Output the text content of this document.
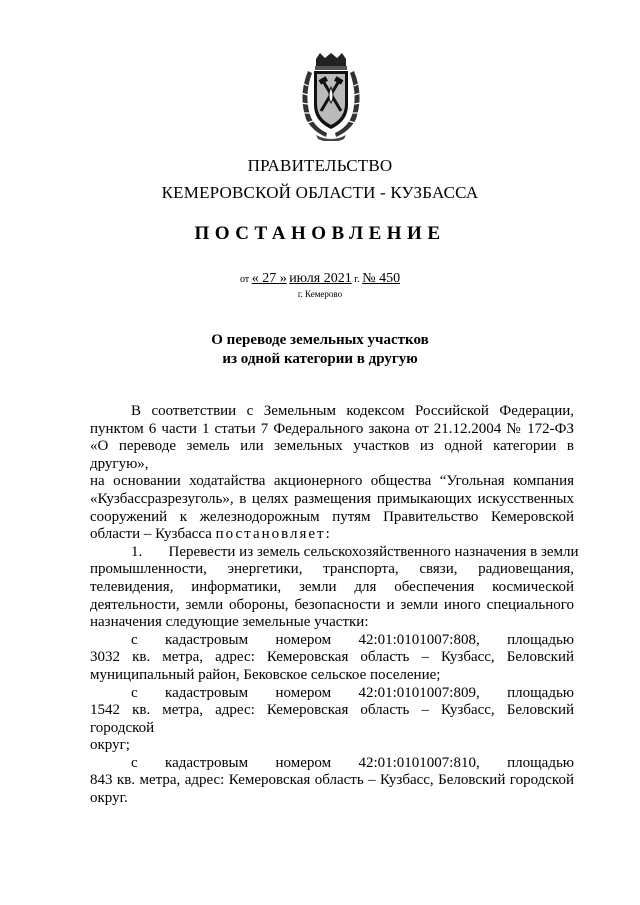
ПРАВИТЕЛЬСТВО
КЕМЕРОВСКОЙ ОБЛАСТИ - КУЗБАССА
ПОСТАНОВЛЕНИЕ
от « 27 » июля 2021 г. № 450
г. Кемерово
О переводе земельных участков
из одной категории в другую

В соответствии с Земельным кодексом Российской Федерации,

пунктом 6 части 1 статьи 7 Федерального закона от 21.12.2004 № 172-ФЗ

«О переводе земель или земельных участков из одной категории в другую»,

на основании ходатайства акционерного общества “Угольная компания

«Кузбассразрезуголь», в целях размещения примыкающих искусственных

сооружений к железнодорожным путям Правительство Кемеровской

области – Кузбасса постановляет:

1.       Перевести из земель сельскохозяйственного назначения в земли

промышленности, энергетики, транспорта, связи, радиовещания,

телевидения, информатики, земли для обеспечения космической

деятельности, земли обороны, безопасности и земли иного специального

назначения следующие земельные участки:

с кадастровым номером 42:01:0101007:808, площадью

3032 кв. метра, адрес: Кемеровская область – Кузбасс, Беловский

муниципальный район, Бековское сельское поселение;

с кадастровым номером 42:01:0101007:809, площадью

1542 кв. метра, адрес: Кемеровская область – Кузбасс, Беловский городской

округ;

с кадастровым номером 42:01:0101007:810, площадью

843 кв. метра, адрес: Кемеровская область – Кузбасс, Беловский городской

округ.
